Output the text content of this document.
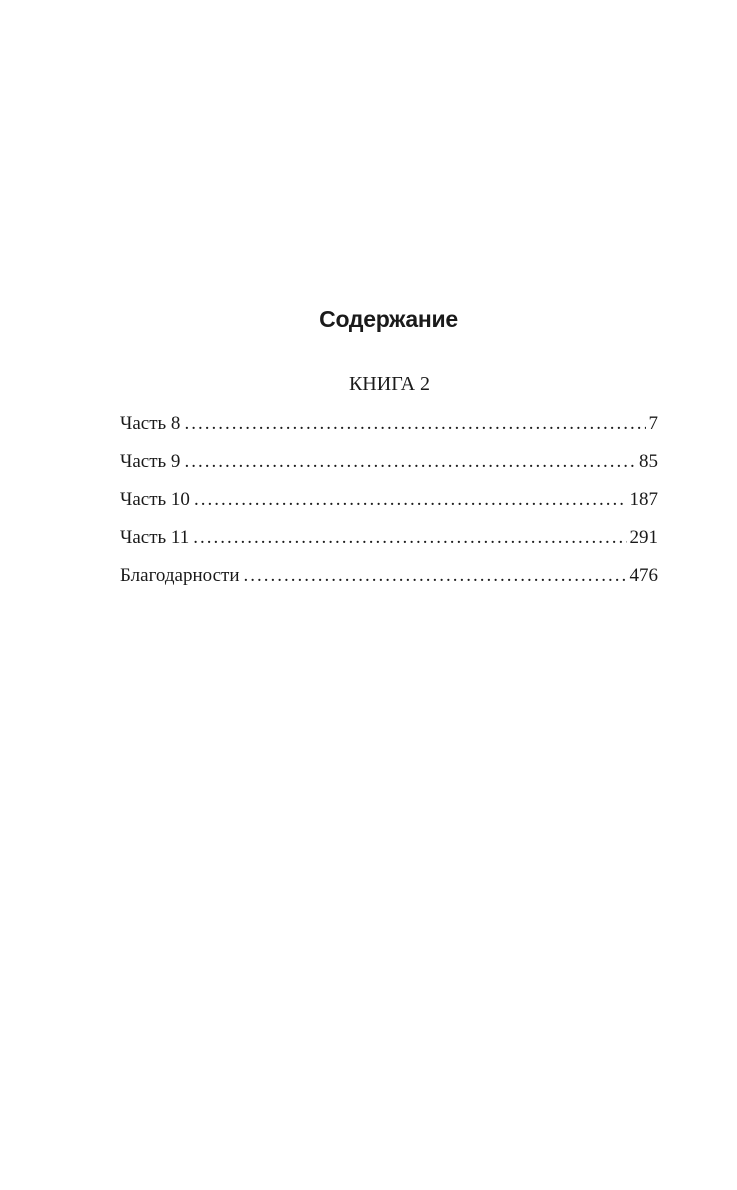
Содержание
КНИГА 2
Часть 8 .....	7
Часть 9 .....	85
Часть 10 .....	187
Часть 11 .....	291
Благодарности .....	476
